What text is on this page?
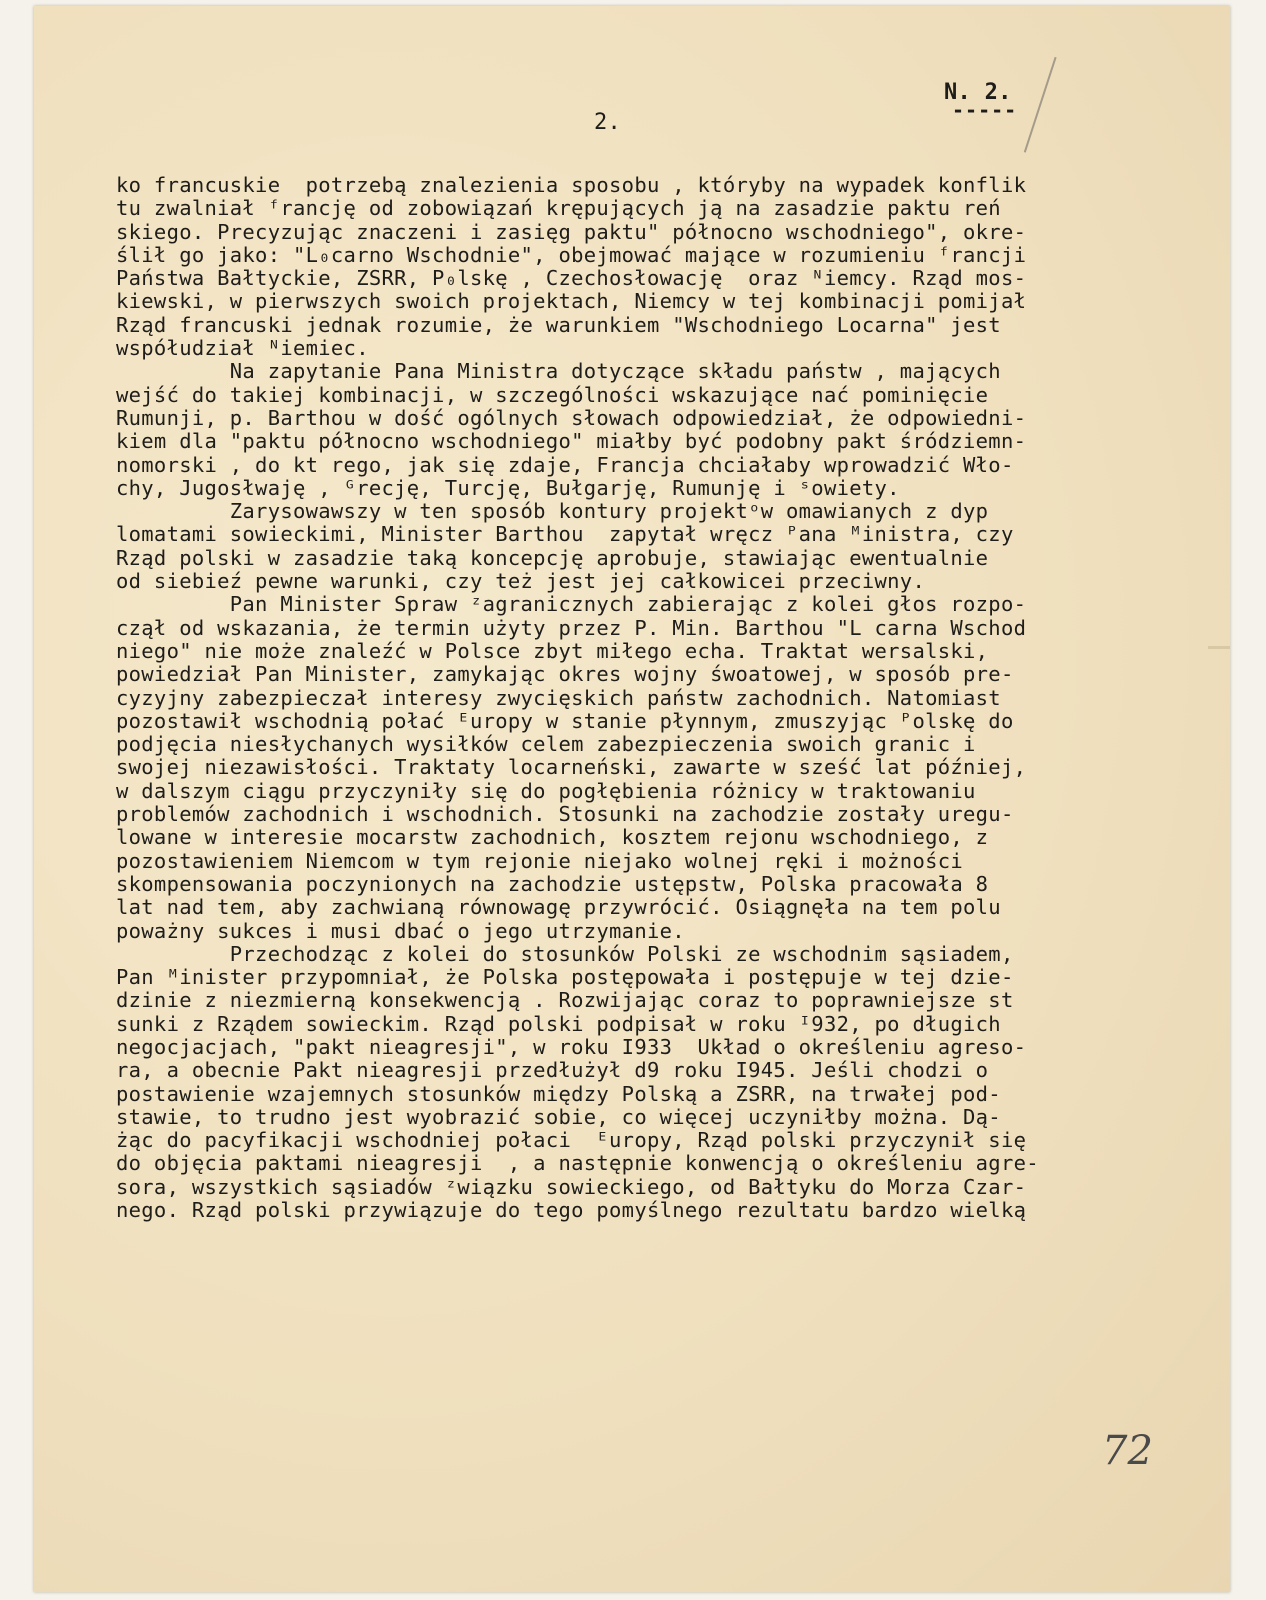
N. 2.
-----
2.
ko francuskie  potrzebą znalezienia sposobu , któryby na wypadek konflik
tu zwalniał ᶠrancję od zobowiązań krępujących ją na zasadzie paktu reń
skiego. Precyzując znaczeni i zasięg paktu" północno wschodniego", okre-
ślił go jako: "L₀carno Wschodnie", obejmować mające w rozumieniu ᶠrancji
Państwa Bałtyckie, ZSRR, P₀lskę , Czechosłowację  oraz ᴺiemcy. Rząd mos-
kiewski, w pierwszych swoich projektach, Niemcy w tej kombinacji pomijał
Rząd francuski jednak rozumie, że warunkiem "Wschodniego Locarna" jest
współudział ᴺiemiec.
Na zapytanie Pana Ministra dotyczące składu państw , mających
wejść do takiej kombinacji, w szczególności wskazujące nać pominięcie
Rumunji, p. Barthou w dość ogólnych słowach odpowiedział, że odpowiedni-
kiem dla "paktu północno wschodniego" miałby być podobny pakt śródziemn-
nomorski , do kt rego, jak się zdaje, Francja chciałaby wprowadzić Wło-
chy, Jugosłwaję , ᴳrecję, Turcję, Bułgarję, Rumunję i ˢowiety.
Zarysowawszy w ten sposób kontury projektᵒw omawianych z dyp
lomatami sowieckimi, Minister Barthou  zapytał wręcz ᴾana ᴹinistra, czy
Rząd polski w zasadzie taką koncepcję aprobuje, stawiając ewentualnie
od siebieź pewne warunki, czy też jest jej całkowicei przeciwny.
Pan Minister Spraw ᶻagranicznych zabierając z kolei głos rozpo-
czął od wskazania, że termin użyty przez P. Min. Barthou "L carna Wschod
niego" nie może znaleźć w Polsce zbyt miłego echa. Traktat wersalski,
powiedział Pan Minister, zamykając okres wojny śwoatowej, w sposób pre-
cyzyjny zabezpieczał interesy zwycięskich państw zachodnich. Natomiast
pozostawił wschodnią połać ᴱuropy w stanie płynnym, zmuszyjąc ᴾolskę do
podjęcia niesłychanych wysiłków celem zabezpieczenia swoich granic i
swojej niezawisłości. Traktaty locarneński, zawarte w sześć lat później,
w dalszym ciągu przyczyniły się do pogłębienia różnicy w traktowaniu
problemów zachodnich i wschodnich. Stosunki na zachodzie zostały uregu-
lowane w interesie mocarstw zachodnich, kosztem rejonu wschodniego, z
pozostawieniem Niemcom w tym rejonie niejako wolnej ręki i możności
skompensowania poczynionych na zachodzie ustępstw, Polska pracowała 8
lat nad tem, aby zachwianą równowagę przywrócić. Osiągnęła na tem polu
poważny sukces i musi dbać o jego utrzymanie.
Przechodząc z kolei do stosunków Polski ze wschodnim sąsiadem,
Pan ᴹinister przypomniał, że Polska postępowała i postępuje w tej dzie-
dzinie z niezmierną konsekwencją . Rozwijając coraz to poprawniejsze st
sunki z Rządem sowieckim. Rząd polski podpisał w roku ᴵ932, po długich
negocjacjach, "pakt nieagresji", w roku I933  Układ o określeniu agreso-
ra, a obecnie Pakt nieagresji przedłużył d9 roku I945. Jeśli chodzi o
postawienie wzajemnych stosunków między Polską a ZSRR, na trwałej pod-
stawie, to trudno jest wyobrazić sobie, co więcej uczyniłby można. Dą-
żąc do pacyfikacji wschodniej połaci  ᴱuropy, Rząd polski przyczynił się
do objęcia paktami nieagresji  , a następnie konwencją o określeniu agre-
sora, wszystkich sąsiadów ᶻwiązku sowieckiego, od Bałtyku do Morza Czar-
nego. Rząd polski przywiązuje do tego pomyślnego rezultatu bardzo wielką
72
